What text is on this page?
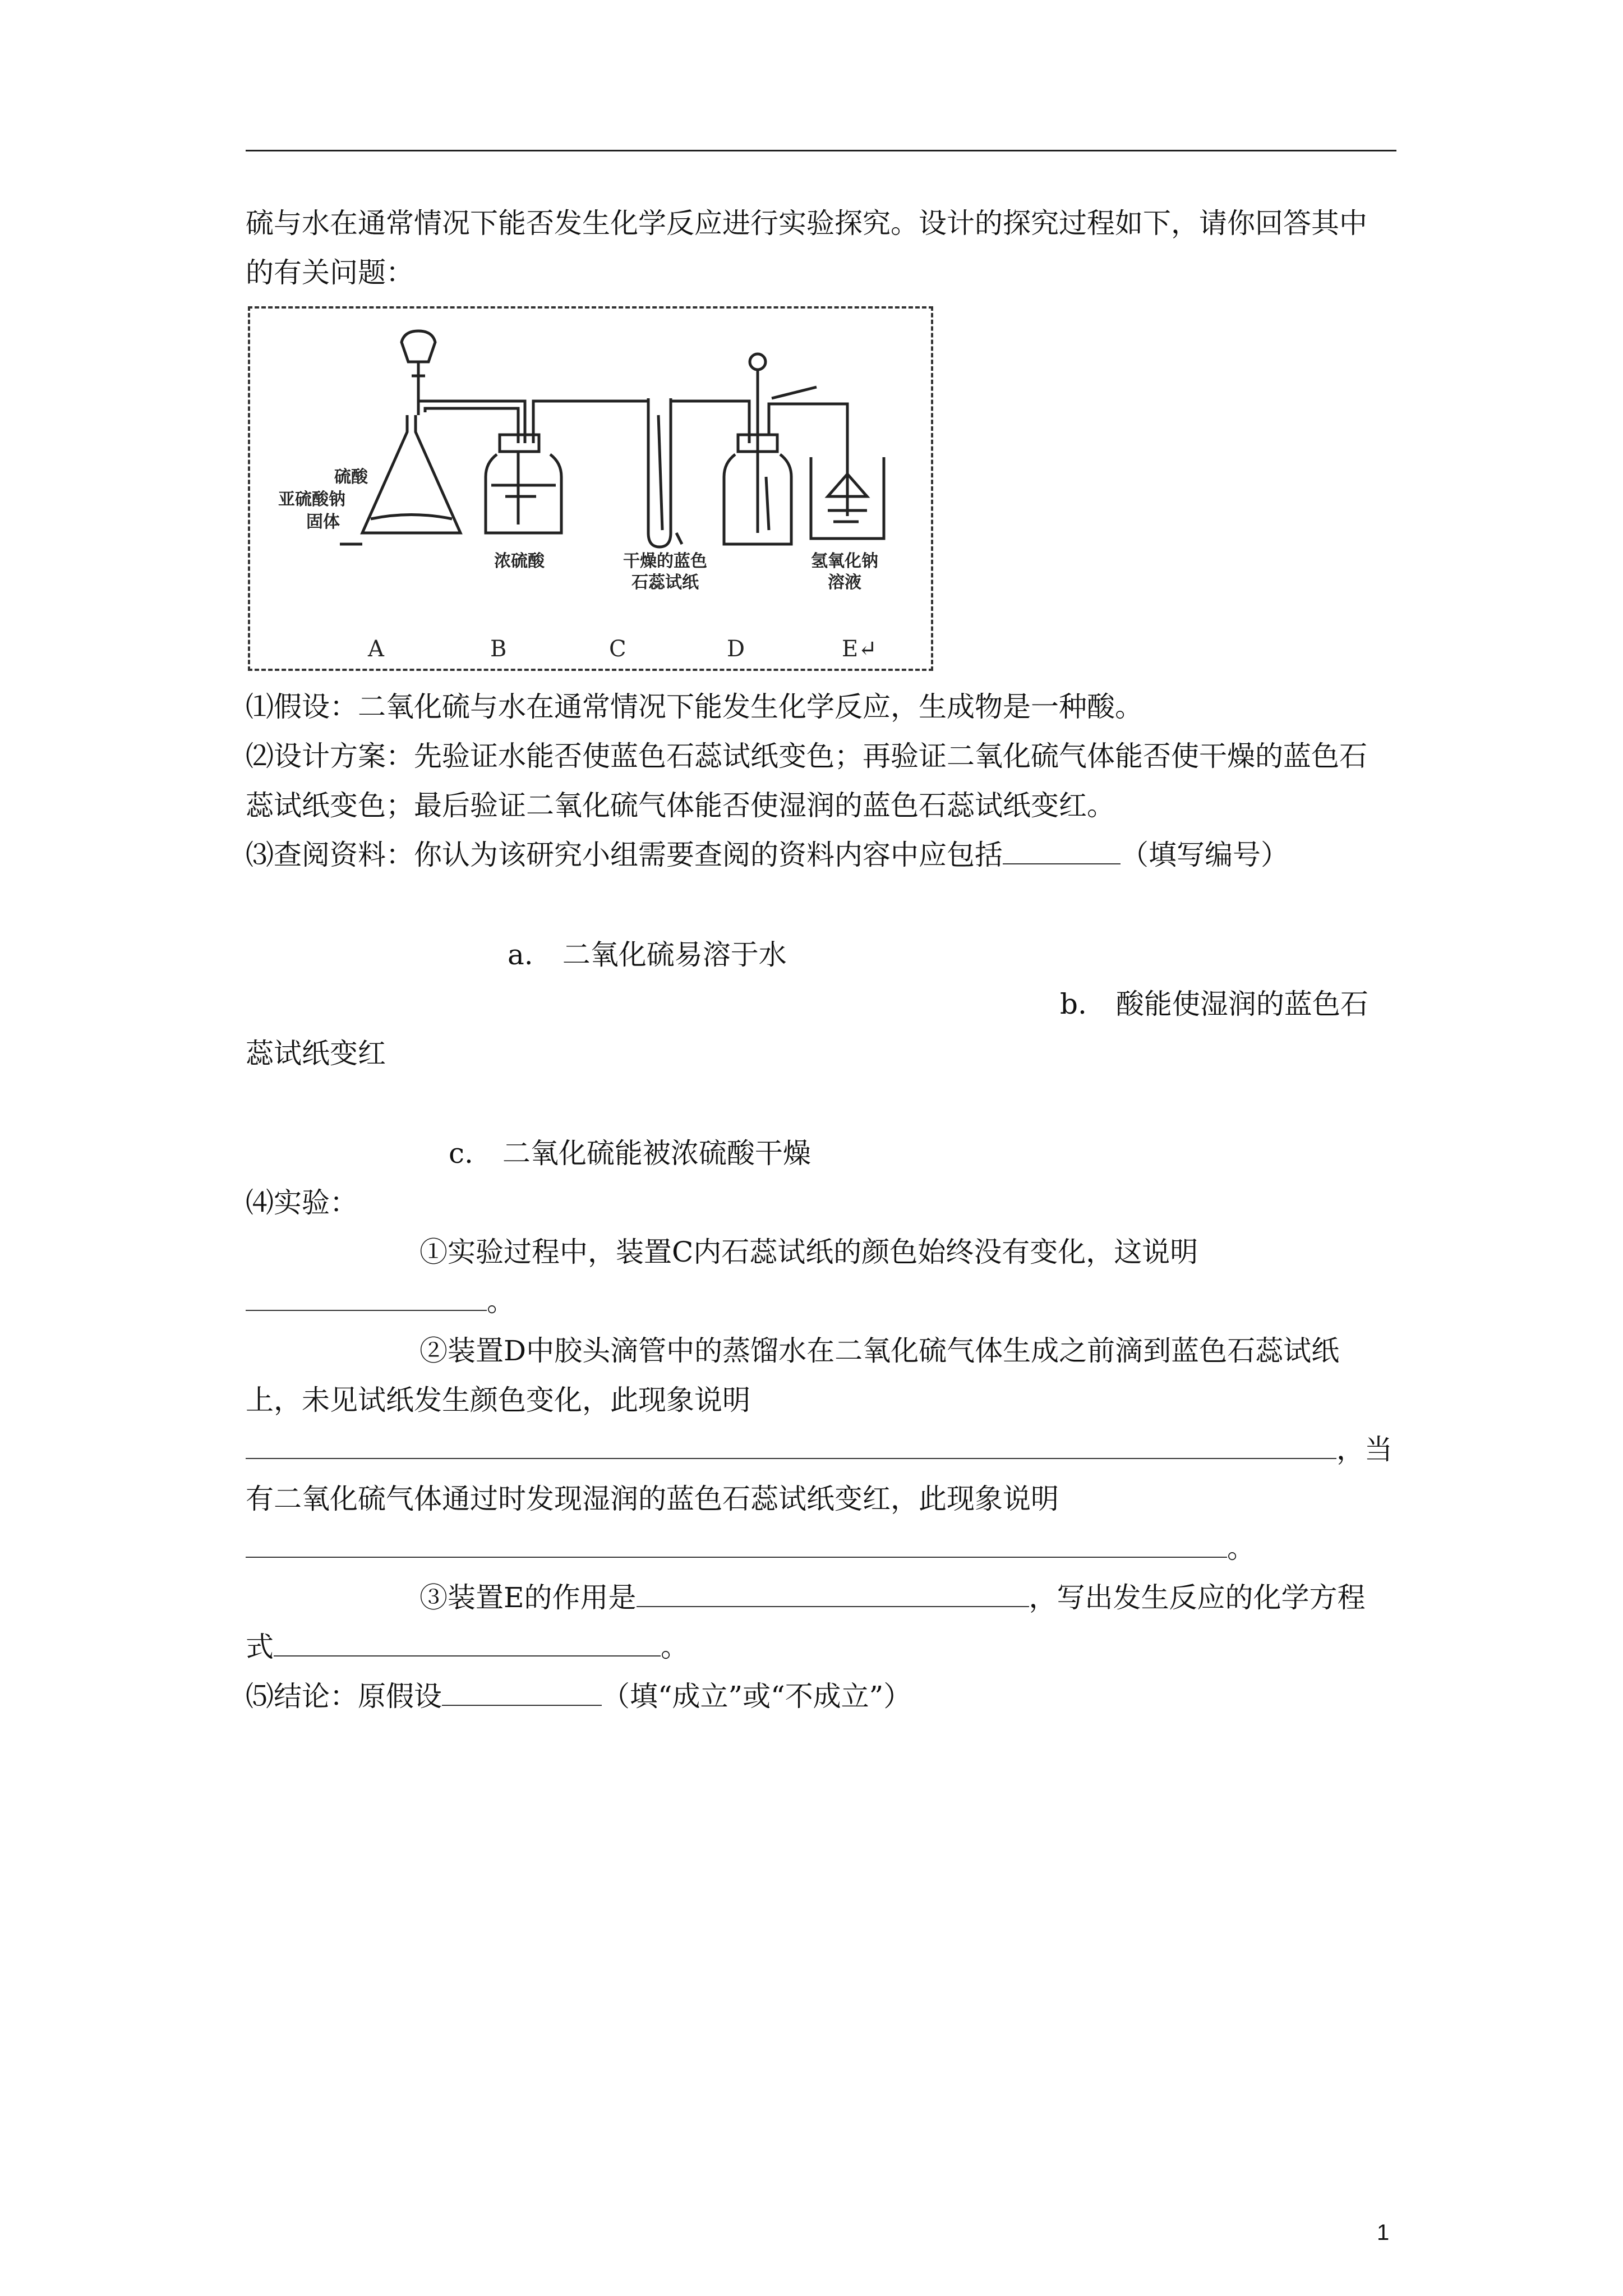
硫与水在通常情况下能否发生化学反应进行实验探究。设计的探究过程如下，请你回答其中
的有关问题：
硫酸
亚硫酸钠
固体
浓硫酸	干燥的蓝色
石蕊试纸
氢氧化钠
溶液
A	B	C	D	E↵
⑴假设：二氧化硫与水在通常情况下能发生化学反应，生成物是一种酸。
⑵设计方案：先验证水能否使蓝色石蕊试纸变色；再验证二氧化硫气体能否使干燥的蓝色石
蕊试纸变色；最后验证二氧化硫气体能否使湿润的蓝色石蕊试纸变红。
⑶查阅资料：你认为该研究小组需要查阅的资料内容中应包括	（填写编号）
a. 二氧化硫易溶于水
b. 酸能使湿润的蓝色石
蕊试纸变红
c. 二氧化硫能被浓硫酸干燥
⑷实验：
①实验过程中，装置C内石蕊试纸的颜色始终没有变化，这说明
。
②装置D中胶头滴管中的蒸馏水在二氧化硫气体生成之前滴到蓝色石蕊试纸
上，未见试纸发生颜色变化，此现象说明
，当
有二氧化硫气体通过时发现湿润的蓝色石蕊试纸变红，此现象说明
。
③装置E的作用是	，写出发生反应的化学方程
式	。
⑸结论：原假设	（填“成立”或“不成立”）
1
